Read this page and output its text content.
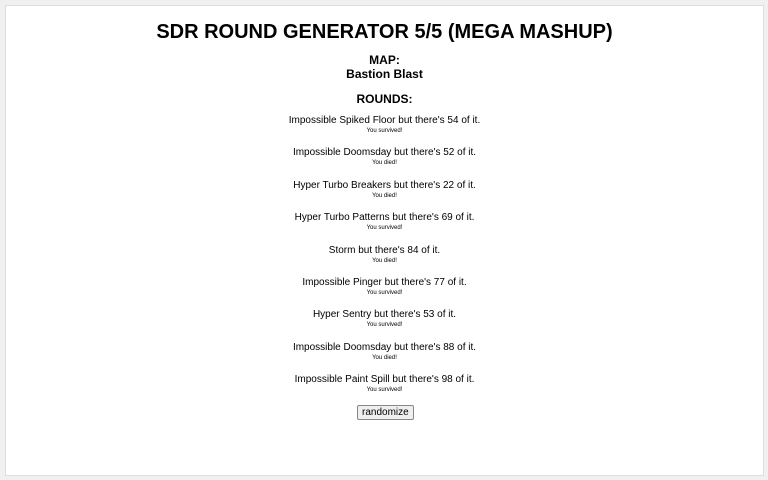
SDR ROUND GENERATOR 5/5 (MEGA MASHUP)
MAP:
Bastion Blast
ROUNDS:
Impossible Spiked Floor but there's 54 of it.
You survived!
Impossible Doomsday but there's 52 of it.
You died!
Hyper Turbo Breakers but there's 22 of it.
You died!
Hyper Turbo Patterns but there's 69 of it.
You survived!
Storm but there's 84 of it.
You died!
Impossible Pinger but there's 77 of it.
You survived!
Hyper Sentry but there's 53 of it.
You survived!
Impossible Doomsday but there's 88 of it.
You died!
Impossible Paint Spill but there's 98 of it.
You survived!
randomize
